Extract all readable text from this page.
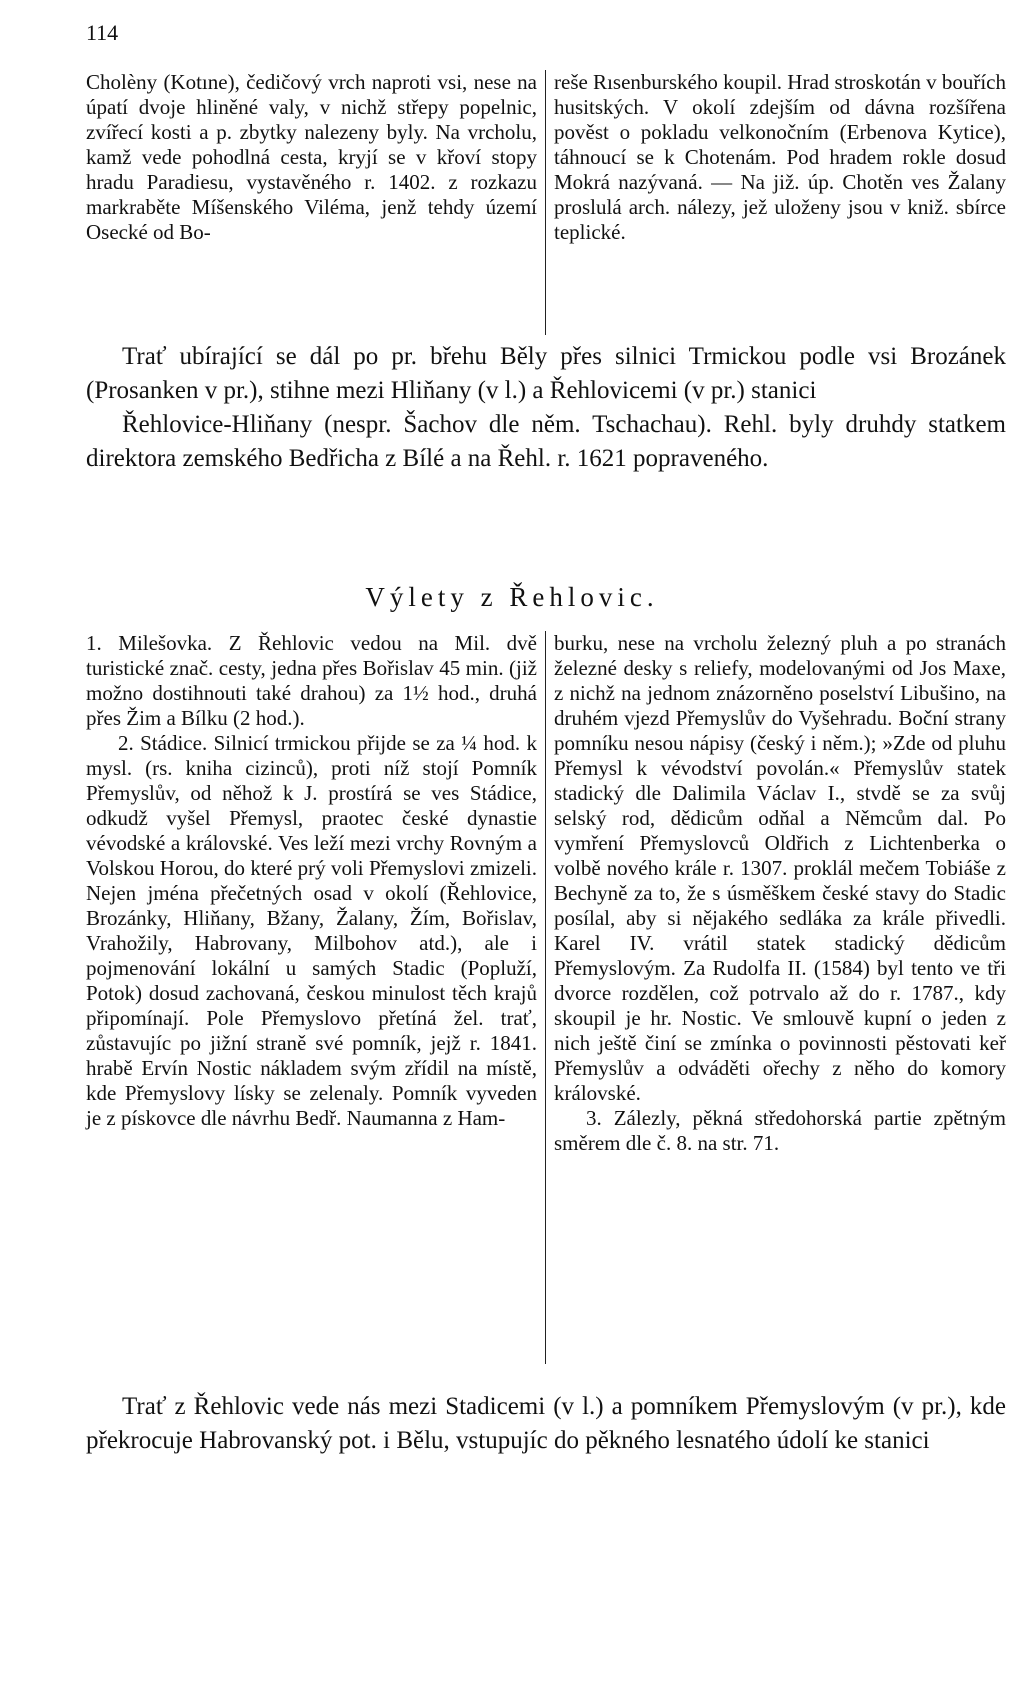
114

Cholèny (Kotıne), čedičový vrch naproti vsi, nese na úpatí dvoje hliněné valy, v nichž střepy popelnic, zvířecí kosti a p. zbytky nalezeny byly. Na vrcholu, kamž vede pohodlná cesta, kryjí se v křoví stopy hradu Paradiesu, vystavěného r. 1402. z rozkazu markraběte Míšenského Viléma, jenž tehdy území Osecké od Bo-

reše Rısenburského koupil. Hrad stroskotán v bouřích husitských. V okolí zdejším od dávna rozšířena pověst o pokladu velkonočním (Erbenova Kytice), táhnoucí se k Chotenám. Pod hradem rokle dosud Mokrá nazývaná. — Na již. úp. Chotěn ves Žalany proslulá arch. nálezy, jež uloženy jsou v kniž. sbírce teplické.

Trať ubírající se dál po pr. břehu Běly přes silnici Trmickou podle vsi Brozánek (Prosanken v pr.), stihne mezi Hliňany (v l.) a Řehlovicemi (v pr.) stanici

Řehlovice-Hliňany (nespr. Šachov dle něm. Tschachau). Rehl. byly druhdy statkem direktora zemského Bedřicha z Bílé a na Řehl. r. 1621 popraveného.

Výlety z Řehlovic.

1. Milešovka. Z Řehlovic vedou na Mil. dvě turistické znač. cesty, jedna přes Bořislav 45 min. (již možno dostihnouti také drahou) za 1½ hod., druhá přes Žim a Bílku (2 hod.).

2. Stádice. Silnicí trmickou přijde se za ¼ hod. k mysl. (rs. kniha cizinců), proti níž stojí Pomník Přemyslův, od něhož k J. prostírá se ves Stádice, odkudž vyšel Přemysl, praotec české dynastie vévodské a královské. Ves leží mezi vrchy Rovným a Volskou Horou, do které prý voli Přemyslovi zmizeli. Nejen jména přečetných osad v okolí (Řehlovice, Brozánky, Hliňany, Bžany, Žalany, Žím, Bořislav, Vrahožily, Habrovany, Milbohov atd.), ale i pojmenování lokální u samých Stadic (Popluží, Potok) dosud zachovaná, českou minulost těch krajů připomínají. Pole Přemyslovo přetíná žel. trať, zůstavujíc po jižní straně své pomník, jejž r. 1841. hrabě Ervín Nostic nákladem svým zřídil na místě, kde Přemyslovy lísky se zelenaly. Pomník vyveden je z pískovce dle návrhu Bedř. Naumanna z Ham-

burku, nese na vrcholu železný pluh a po stranách železné desky s reliefy, modelovanými od Jos Maxe, z nichž na jednom znázorněno poselství Libušino, na druhém vjezd Přemyslův do Vyšehradu. Boční strany pomníku nesou nápisy (český i něm.); »Zde od pluhu Přemysl k vévodství povolán.« Přemyslův statek stadický dle Dalimila Václav I., stvdě se za svůj selský rod, dědicům odňal a Němcům dal. Po vymření Přemyslovců Oldřich z Lichtenberka o volbě nového krále r. 1307. proklál mečem Tobiáše z Bechyně za to, že s úsměškem české stavy do Stadic posílal, aby si nějakého sedláka za krále přivedli. Karel IV. vrátil statek stadický dědicům Přemyslovým. Za Rudolfa II. (1584) byl tento ve tři dvorce rozdělen, což potrvalo až do r. 1787., kdy skoupil je hr. Nostic. Ve smlouvě kupní o jeden z nich ještě činí se zmínka o povinnosti pěstovati keř Přemyslův a odváděti ořechy z něho do komory královské.

3. Zálezly, pěkná středohorská partie zpětným směrem dle č. 8. na str. 71.

Trať z Řehlovic vede nás mezi Stadicemi (v l.) a pomníkem Přemyslovým (v pr.), kde překrocuje Habrovanský pot. i Bělu, vstupujíc do pěkného lesnatého údolí ke stanici
